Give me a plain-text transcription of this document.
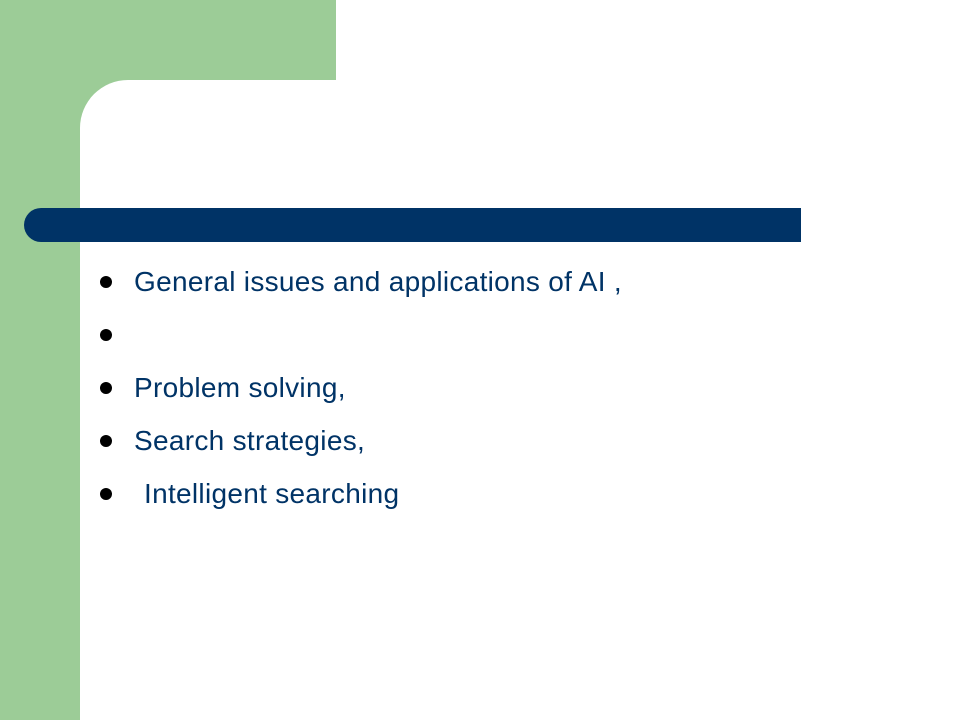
General issues and applications of AI ,
Problem solving,
Search strategies,
Intelligent searching
